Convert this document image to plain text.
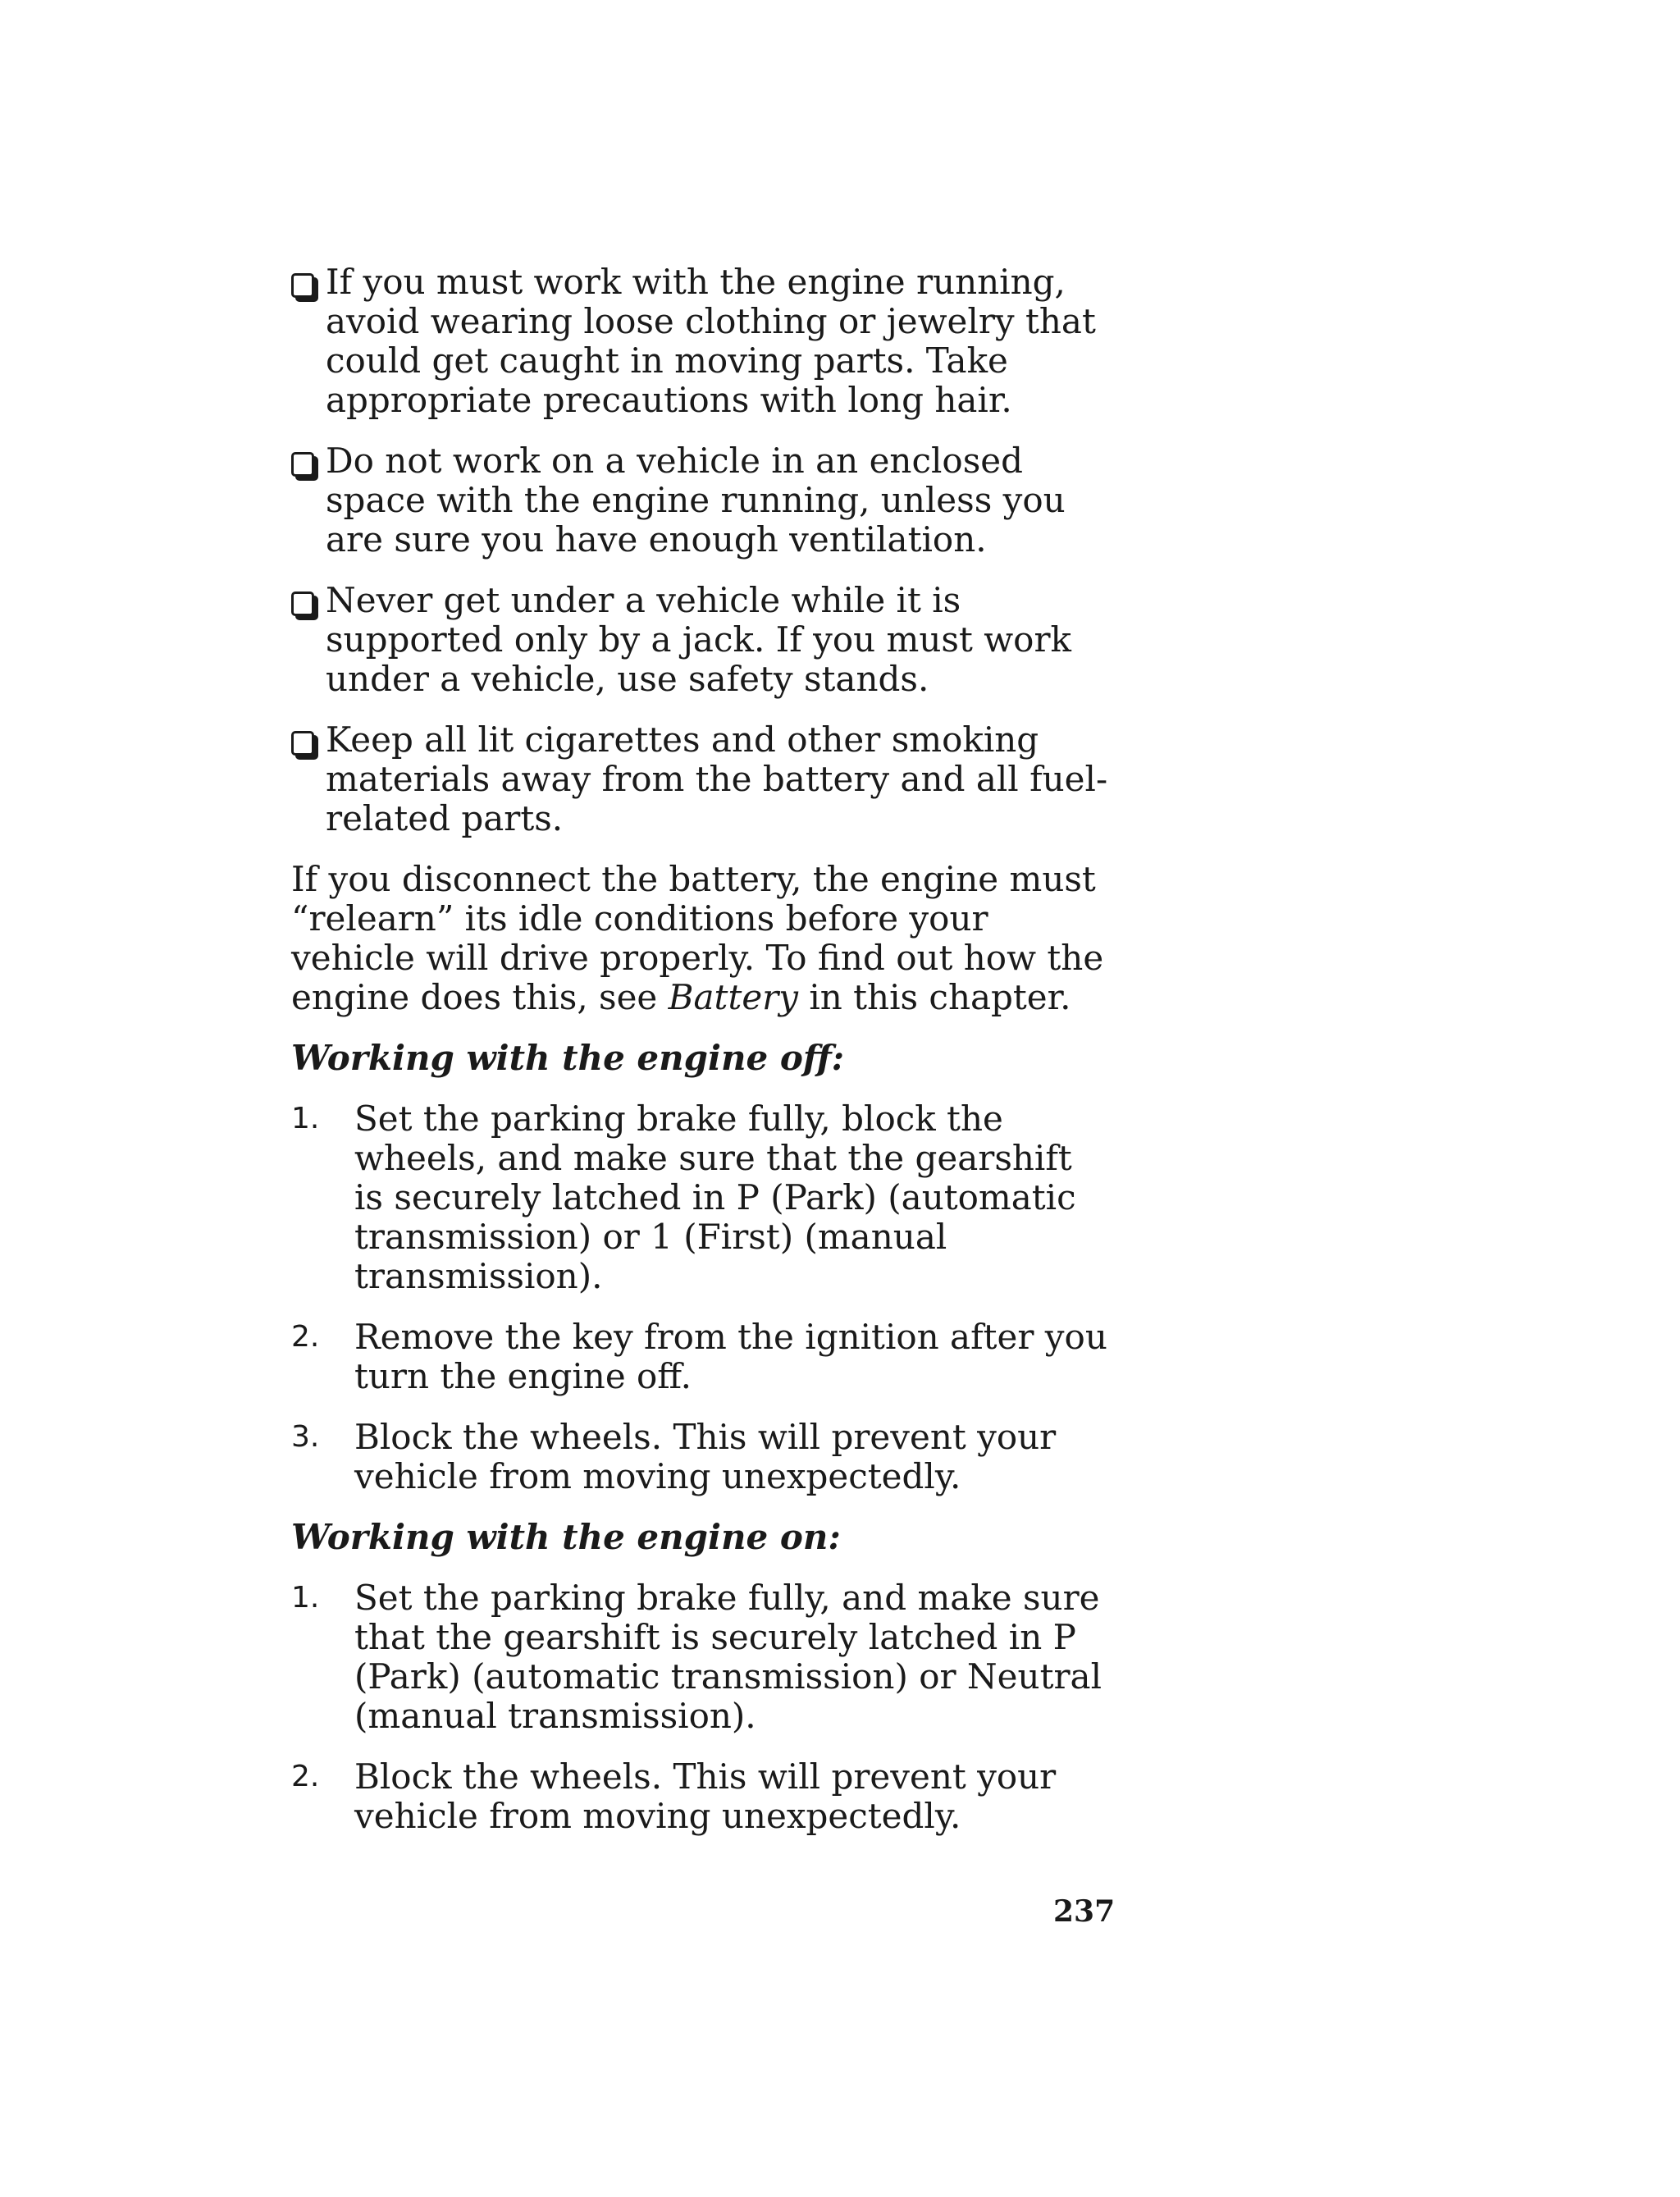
If you must work with the engine running, avoid wearing loose clothing or jewelry that could get caught in moving parts. Take appropriate precautions with long hair.
Do not work on a vehicle in an enclosed space with the engine running, unless you are sure you have enough ventilation.
Never get under a vehicle while it is supported only by a jack. If you must work under a vehicle, use safety stands.
Keep all lit cigarettes and other smoking materials away from the battery and all fuel-related parts.

If you disconnect the battery, the engine must “relearn” its idle conditions before your vehicle will drive properly. To find out how the engine does this, see Battery in this chapter.

Working with the engine off:
1.	Set the parking brake fully, block the wheels, and make sure that the gearshift is securely latched in P (Park) (automatic transmission) or 1 (First) (manual transmission).
2.	Remove the key from the ignition after you turn the engine off.
3.	Block the wheels. This will prevent your vehicle from moving unexpectedly.
Working with the engine on:
1.	Set the parking brake fully, and make sure that the gearshift is securely latched in P (Park) (automatic transmission) or Neutral (manual transmission).
2.	Block the wheels. This will prevent your vehicle from moving unexpectedly.
237
